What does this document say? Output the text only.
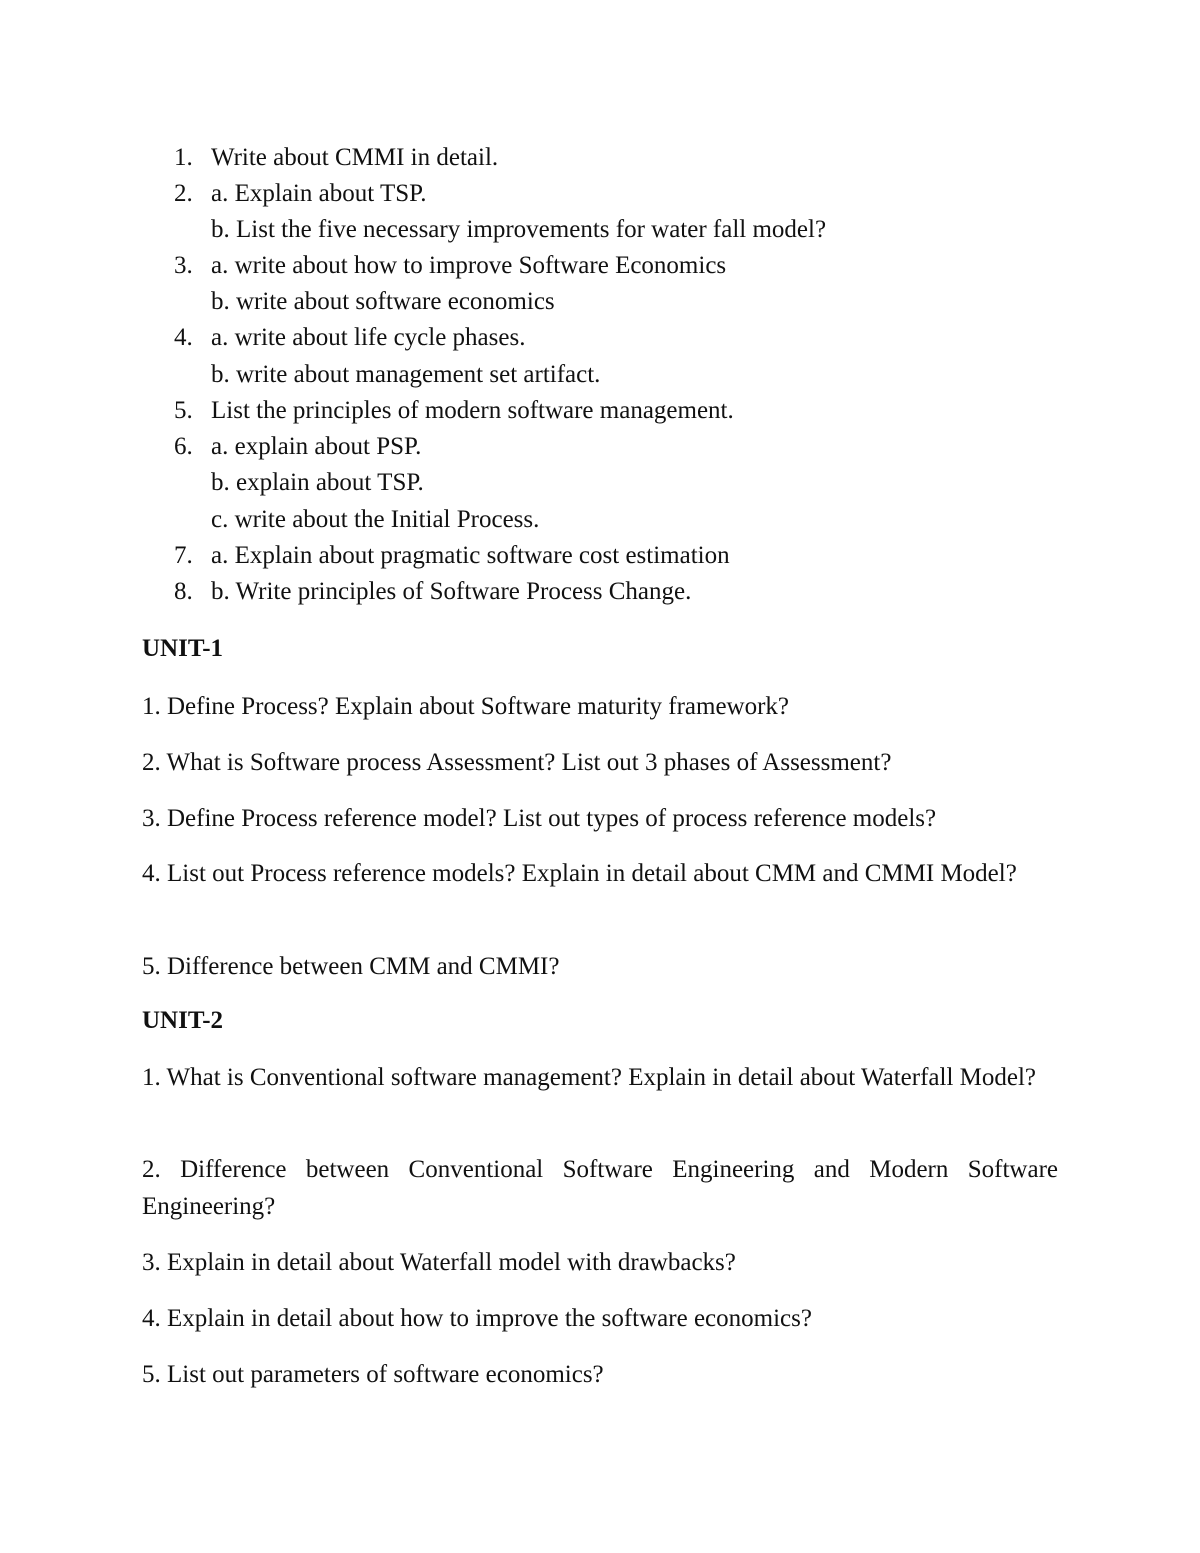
1. Write about CMMI in detail.
2. a. Explain about TSP.
b. List the five necessary improvements for water fall model?
3. a. write about how to improve Software Economics
b. write about software economics
4. a. write about life cycle phases.
b. write about management set artifact.
5. List the principles of modern software management.
6. a. explain about PSP.
b. explain about TSP.
c. write about the Initial Process.
7. a. Explain about pragmatic software cost estimation
8. b. Write principles of Software Process Change.
UNIT-1
1. Define Process? Explain about Software maturity framework?
2. What is Software process Assessment? List out 3 phases of Assessment?
3. Define Process reference model? List out types of process reference models?
4. List out Process reference models? Explain in detail about CMM and CMMI Model?
5. Difference between CMM and CMMI?
UNIT-2
1. What is Conventional software management? Explain in detail about Waterfall Model?
2. Difference between Conventional Software Engineering and Modern Software Engineering?
3. Explain in detail about Waterfall model with drawbacks?
4. Explain in detail about how to improve the software economics?
5. List out parameters of software economics?
